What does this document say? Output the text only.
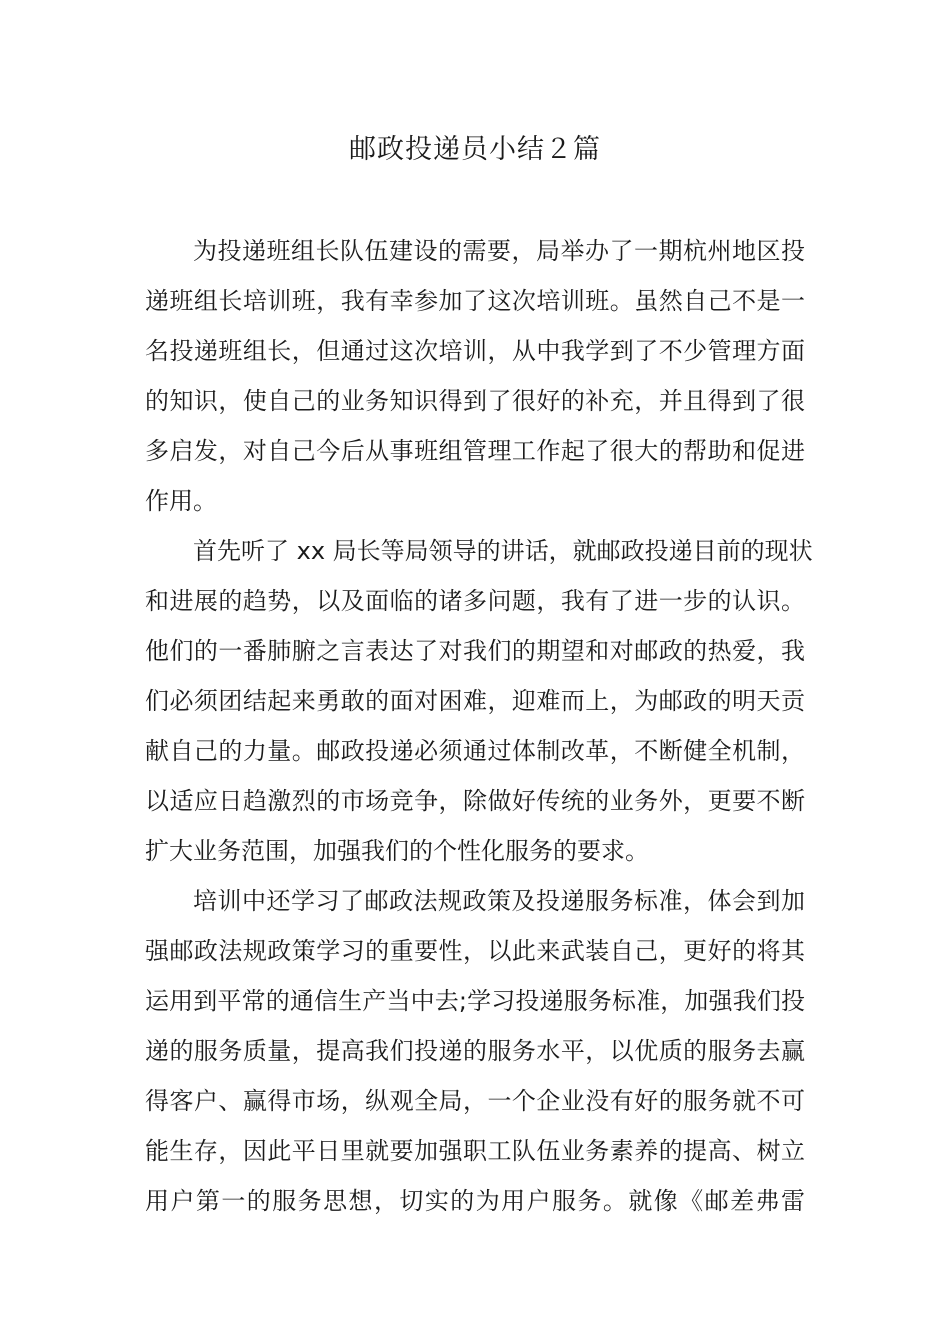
邮政投递员小结２篇
为投递班组长队伍建设的需要，局举办了一期杭州地区投
递班组长培训班，我有幸参加了这次培训班。虽然自己不是一
名投递班组长，但通过这次培训，从中我学到了不少管理方面
的知识，使自己的业务知识得到了很好的补充，并且得到了很
多启发，对自己今后从事班组管理工作起了很大的帮助和促进
作用。
首先听了 xx 局长等局领导的讲话，就邮政投递目前的现状
和进展的趋势，以及面临的诸多问题，我有了进一步的认识。
他们的一番肺腑之言表达了对我们的期望和对邮政的热爱，我
们必须团结起来勇敢的面对困难，迎难而上，为邮政的明天贡
献自己的力量。邮政投递必须通过体制改革，不断健全机制，
以适应日趋激烈的市场竞争，除做好传统的业务外，更要不断
扩大业务范围，加强我们的个性化服务的要求。
培训中还学习了邮政法规政策及投递服务标准，体会到加
强邮政法规政策学习的重要性，以此来武装自己，更好的将其
运用到平常的通信生产当中去;学习投递服务标准，加强我们投
递的服务质量，提高我们投递的服务水平，以优质的服务去赢
得客户、赢得市场，纵观全局，一个企业没有好的服务就不可
能生存，因此平日里就要加强职工队伍业务素养的提高、树立
用户第一的服务思想，切实的为用户服务。就像《邮差弗雷
